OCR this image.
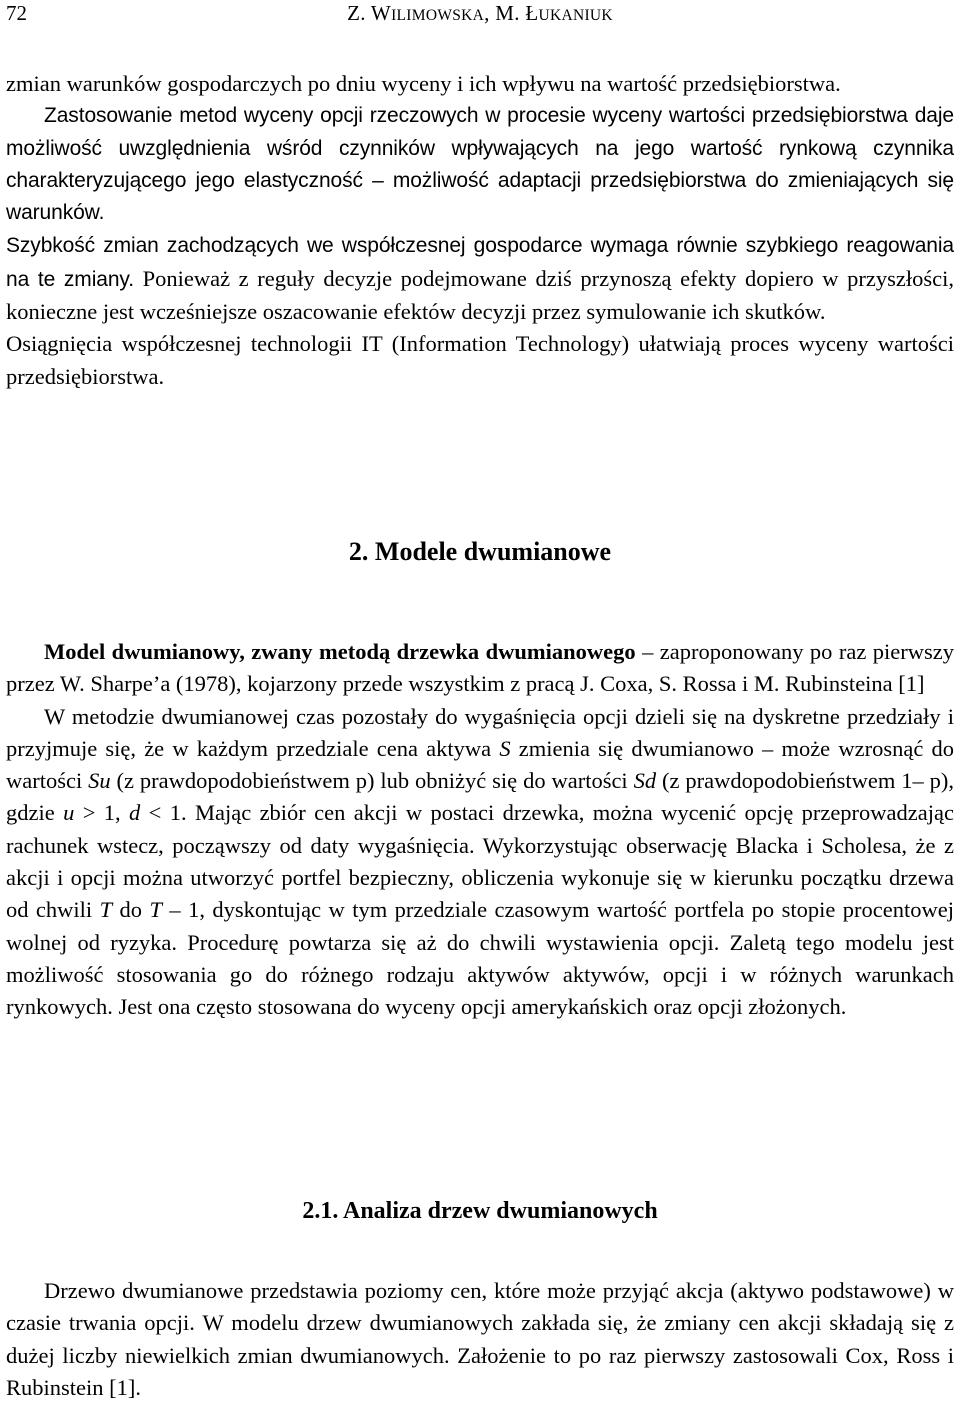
72	Z. WILIMOWSKA, M. ŁUKANIUK

zmian warunków gospodarczych po dniu wyceny i ich wpływu na wartość przedsiębiorstwa.

Zastosowanie metod wyceny opcji rzeczowych w procesie wyceny wartości przedsiębiorstwa daje możliwość uwzględnienia wśród czynników wpływających na jego wartość rynkową czynnika charakteryzującego jego elastyczność – możliwość adaptacji przedsiębiorstwa do zmieniających się warunków.

Szybkość zmian zachodzących we współczesnej gospodarce wymaga równie szybkiego reagowania na te zmiany. Ponieważ z reguły decyzje podejmowane dziś przynoszą efekty dopiero w przyszłości, konieczne jest wcześniejsze oszacowanie efektów decyzji przez symulowanie ich skutków.

Osiągnięcia współczesnej technologii IT (Information Technology) ułatwiają proces wyceny wartości przedsiębiorstwa.

2. Modele dwumianowe

Model dwumianowy, zwany metodą drzewka dwumianowego – zaproponowany po raz pierwszy przez W. Sharpe’a (1978), kojarzony przede wszystkim z pracą J. Coxa, S. Rossa i M. Rubinsteina [1]

W metodzie dwumianowej czas pozostały do wygaśnięcia opcji dzieli się na dyskretne przedziały i przyjmuje się, że w każdym przedziale cena aktywa S zmienia się dwumianowo – może wzrosnąć do wartości Su (z prawdopodobieństwem p) lub obniżyć się do wartości Sd (z prawdopodobieństwem 1– p), gdzie u > 1, d < 1. Mając zbiór cen akcji w postaci drzewka, można wycenić opcję przeprowadzając rachunek wstecz, począwszy od daty wygaśnięcia. Wykorzystując obserwację Blacka i Scholesa, że z akcji i opcji można utworzyć portfel bezpieczny, obliczenia wykonuje się w kierunku początku drzewa od chwili T do T – 1, dyskontując w tym przedziale czasowym wartość portfela po stopie procentowej wolnej od ryzyka. Procedurę powtarza się aż do chwili wystawienia opcji. Zaletą tego modelu jest możliwość stosowania go do różnego rodzaju aktywów aktywów, opcji i w różnych warunkach rynkowych. Jest ona często stosowana do wyceny opcji amerykańskich oraz opcji złożonych.

2.1. Analiza drzew dwumianowych

Drzewo dwumianowe przedstawia poziomy cen, które może przyjąć akcja (aktywo podstawowe) w czasie trwania opcji. W modelu drzew dwumianowych zakłada się, że zmiany cen akcji składają się z dużej liczby niewielkich zmian dwumianowych. Założenie to po raz pierwszy zastosowali Cox, Ross i Rubinstein [1].
